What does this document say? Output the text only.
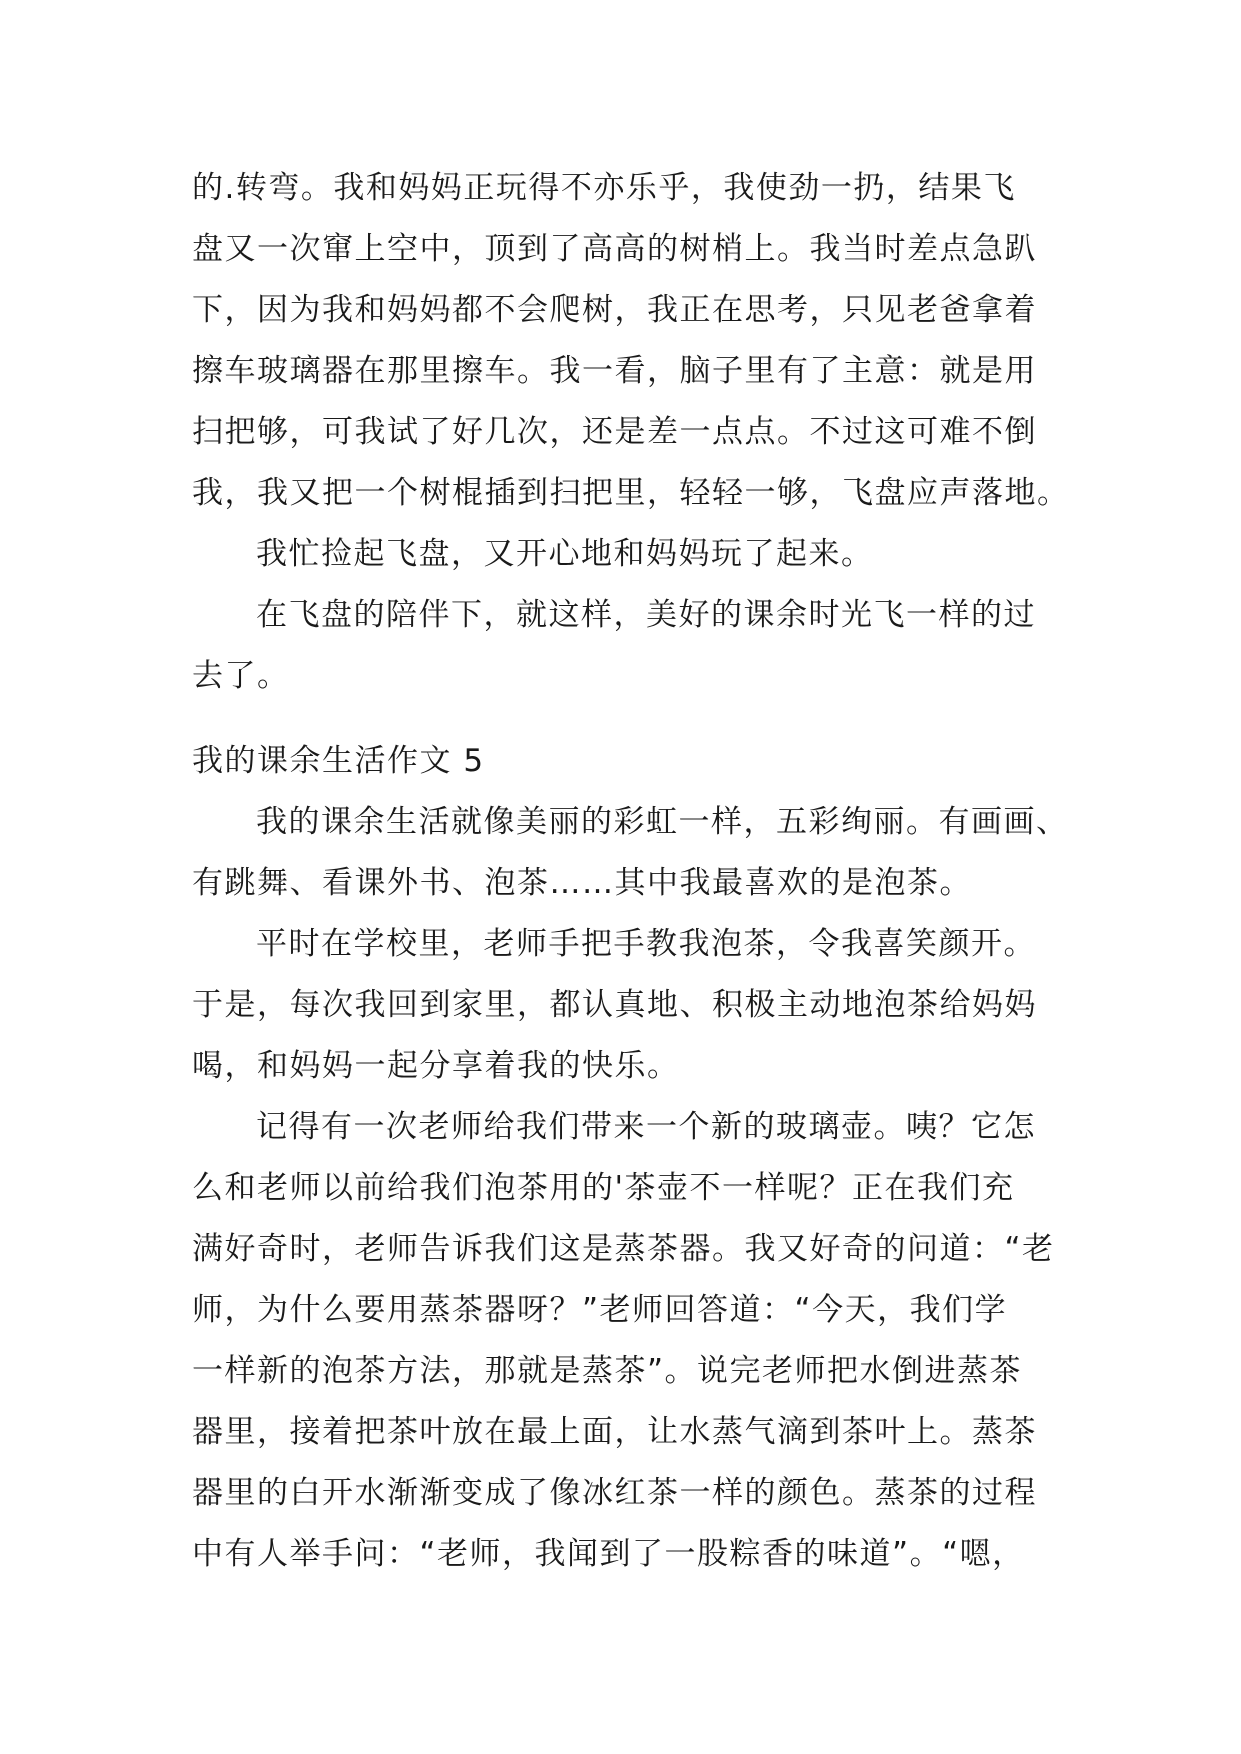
的.转弯。我和妈妈正玩得不亦乐乎，我使劲一扔，结果飞
盘又一次窜上空中，顶到了高高的树梢上。我当时差点急趴
下，因为我和妈妈都不会爬树，我正在思考，只见老爸拿着
擦车玻璃器在那里擦车。我一看，脑子里有了主意：就是用
扫把够，可我试了好几次，还是差一点点。不过这可难不倒
我，我又把一个树棍插到扫把里，轻轻一够，飞盘应声落地。
我忙捡起飞盘，又开心地和妈妈玩了起来。
在飞盘的陪伴下，就这样，美好的课余时光飞一样的过
去了。
我的课余生活作文 5
我的课余生活就像美丽的彩虹一样，五彩绚丽。有画画、
有跳舞、看课外书、泡茶……其中我最喜欢的是泡茶。
平时在学校里，老师手把手教我泡茶，令我喜笑颜开。
于是，每次我回到家里，都认真地、积极主动地泡茶给妈妈
喝，和妈妈一起分享着我的快乐。
记得有一次老师给我们带来一个新的玻璃壶。咦？它怎
么和老师以前给我们泡茶用的'茶壶不一样呢？正在我们充
满好奇时，老师告诉我们这是蒸茶器。我又好奇的问道：“老
师，为什么要用蒸茶器呀？”老师回答道：“今天，我们学
一样新的泡茶方法，那就是蒸茶”。说完老师把水倒进蒸茶
器里，接着把茶叶放在最上面，让水蒸气滴到茶叶上。蒸茶
器里的白开水渐渐变成了像冰红茶一样的颜色。蒸茶的过程
中有人举手问：“老师，我闻到了一股粽香的味道”。“嗯，
